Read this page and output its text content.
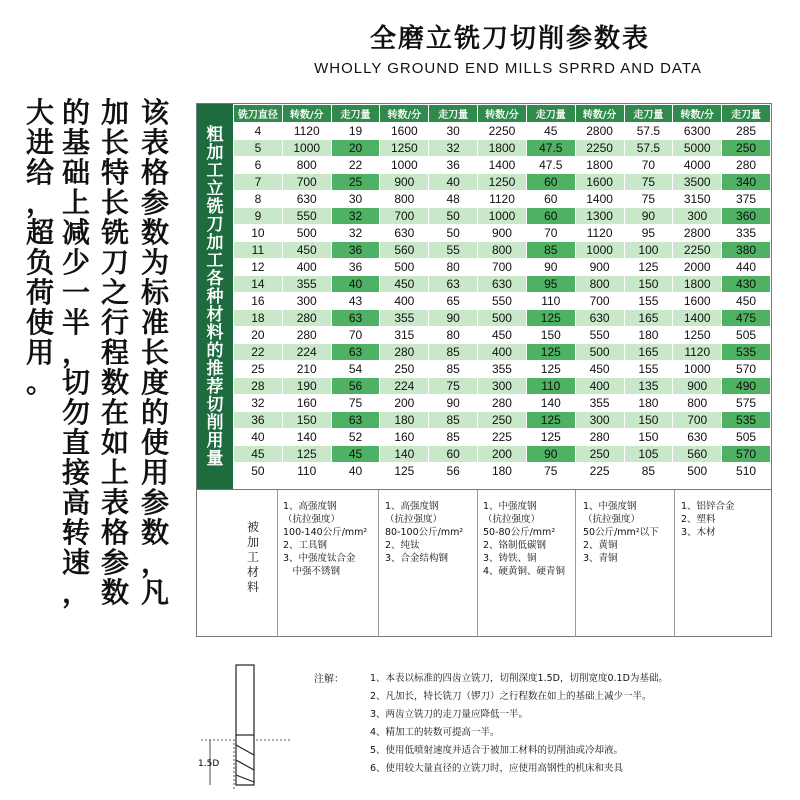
全磨立铣刀切削参数表
WHOLLY GROUND END MILLS SPRRD AND DATA
大
进
给
，
超
负
荷
使
用
。
的
基
础
上
减
少
一
半
，
切
勿
直
接
高
转
速
，
加
长
特
长
铣
刀
之
行
程
数
在
如
上
表
格
参
数
该
表
格
参
数
为
标
准
长
度
的
使
用
参
数
，
凡
粗
加
工
立
铣
刀
加
工
各
种
材
料
的
推
荐
切
削
用
量
铣刀直径	转数/分	走刀量	转数/分	走刀量	转数/分	走刀量	转数/分	走刀量	转数/分	走刀量
4	1120	19	1600	30	2250	45	2800	57.5	6300	285
5	1000	20	1250	32	1800	47.5	2250	57.5	5000	250
6	800	22	1000	36	1400	47.5	1800	70	4000	280
7	700	25	900	40	1250	60	1600	75	3500	340
8	630	30	800	48	1120	60	1400	75	3150	375
9	550	32	700	50	1000	60	1300	90	300	360
10	500	32	630	50	900	70	1120	95	2800	335
11	450	36	560	55	800	85	1000	100	2250	380
12	400	36	500	80	700	90	900	125	2000	440
14	355	40	450	63	630	95	800	150	1800	430
16	300	43	400	65	550	110	700	155	1600	450
18	280	63	355	90	500	125	630	165	1400	475
20	280	70	315	80	450	150	550	180	1250	505
22	224	63	280	85	400	125	500	165	1120	535
25	210	54	250	85	355	125	450	155	1000	570
28	190	56	224	75	300	110	400	135	900	490
32	160	75	200	90	280	140	355	180	800	575
36	150	63	180	85	250	125	300	150	700	535
40	140	52	160	85	225	125	280	150	630	505
45	125	45	140	60	200	90	250	105	560	570
50	110	40	125	56	180	75	225	85	500	510
被
加
工
材
料
1、高强度钢
（抗拉强度）
100-140公斤/mm²
2、工具钢
3、中强度钛合金
　中强不锈钢
1、高强度钢
（抗拉强度）
80-100公斤/mm²
2、纯钛
3、合金结构钢
1、中强度钢
（抗拉强度）
50-80公斤/mm²
2、铬制低碳钢
3、铸铁、铜
4、硬黄铜、硬青铜
1、中强度钢
（抗拉强度）
50公斤/mm²以下
2、黄铜
3、青铜
1、铝锌合金
2、塑料
3、木材
1.5D
注解：	1、本表以标准的四齿立铣刀，切削深度1.5D，切削宽度0.1D为基础。
2、凡加长，特长铣刀（锣刀）之行程数在如上的基础上减少一半。
3、两齿立铣刀的走刀量应降低一半。
4、精加工的转数可提高一半。
5、使用低喷射速度并适合于被加工材料的切削油或冷却液。
6、使用较大量直径的立铣刀时，应使用高钢性的机床和夹具
